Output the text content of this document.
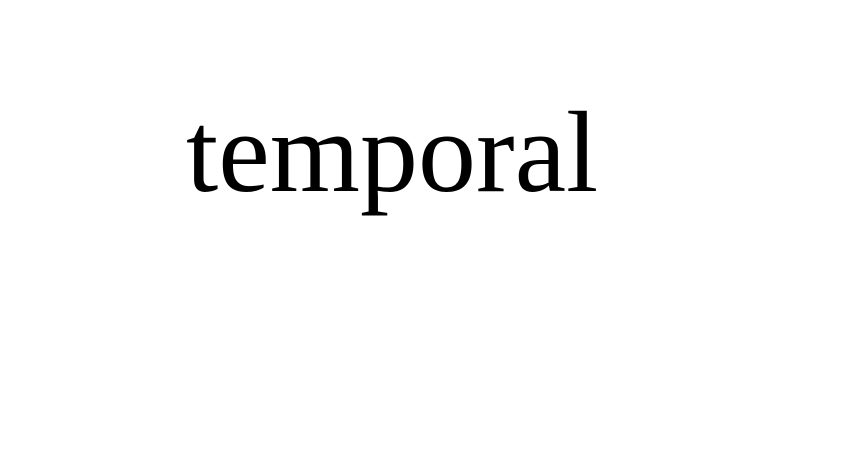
temporal
